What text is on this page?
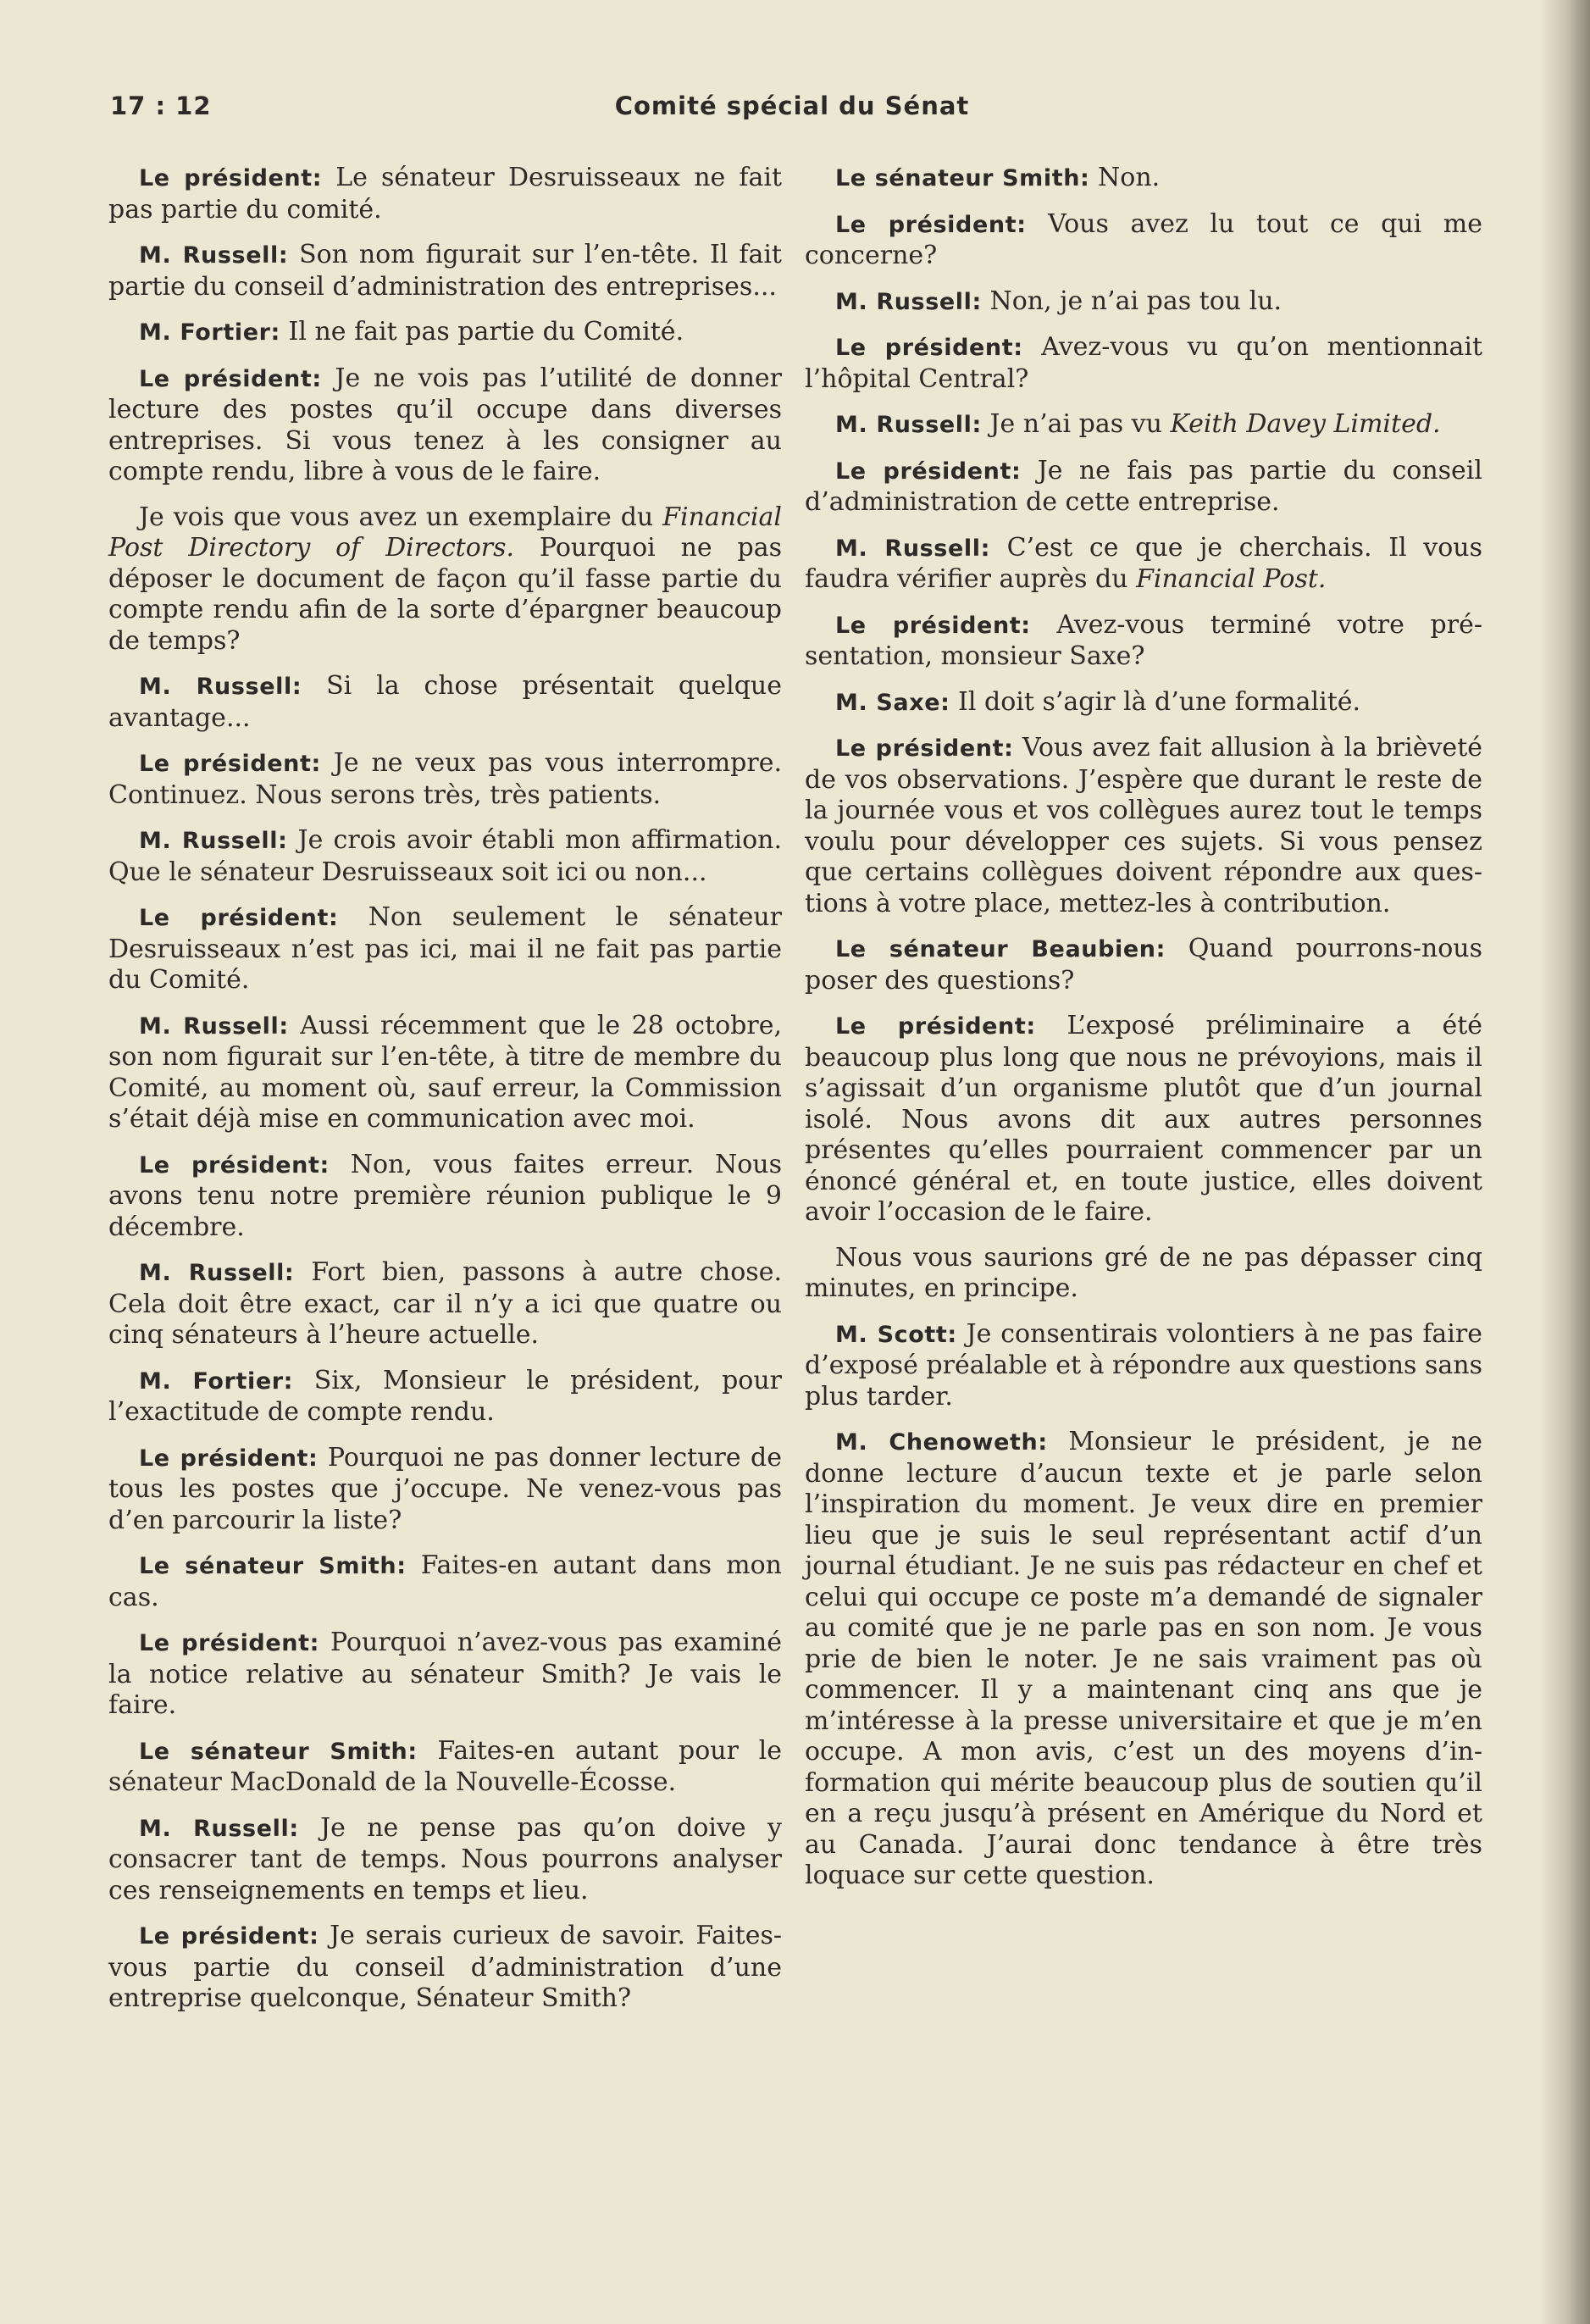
17 : 12	Comité spécial du Sénat

Le président: Le sénateur Desruisseaux ne fait pas partie du comité.

M. Russell: Son nom figurait sur l’en-tête. Il fait partie du conseil d’administration des entreprises...

M. Fortier: Il ne fait pas partie du Comité.

Le président: Je ne vois pas l’utilité de donner lecture des postes qu’il occupe dans diverses entreprises. Si vous tenez à les consigner au compte rendu, libre à vous de le faire.

Je vois que vous avez un exemplaire du Financial Post Directory of Directors. Pourquoi ne pas déposer le document de façon qu’il fasse partie du compte rendu afin de la sorte d’épargner beaucoup de temps?

M. Russell: Si la chose présentait quelque avantage...

Le président: Je ne veux pas vous interrompre. Continuez. Nous serons très, très patients.

M. Russell: Je crois avoir établi mon affirmation. Que le sénateur Desruisseaux soit ici ou non...

Le président: Non seulement le sénateur Desruisseaux n’est pas ici, mai il ne fait pas partie du Comité.

M. Russell: Aussi récemment que le 28 octobre, son nom figurait sur l’en-tête, à titre de membre du Comité, au moment où, sauf erreur, la Commission s’était déjà mise en communication avec moi.

Le président: Non, vous faites erreur. Nous avons tenu notre première réunion publique le 9 décembre.

M. Russell: Fort bien, passons à autre chose. Cela doit être exact, car il n’y a ici que quatre ou cinq sénateurs à l’heure actuelle.

M. Fortier: Six, Monsieur le président, pour l’exactitude de compte rendu.

Le président: Pourquoi ne pas donner lecture de tous les postes que j’occupe. Ne venez-vous pas d’en parcourir la liste?

Le sénateur Smith: Faites-en autant dans mon cas.

Le président: Pourquoi n’avez-vous pas examiné la notice relative au sénateur Smith? Je vais le faire.

Le sénateur Smith: Faites-en autant pour le sénateur MacDonald de la Nouvelle-Écosse.

M. Russell: Je ne pense pas qu’on doive y consacrer tant de temps. Nous pourrons analyser ces renseignements en temps et lieu.

Le président: Je serais curieux de savoir. Faites-vous partie du conseil d’administration d’une entreprise quelconque, Sénateur Smith?

Le sénateur Smith: Non.

Le président: Vous avez lu tout ce qui me concerne?

M. Russell: Non, je n’ai pas tou lu.

Le président: Avez-vous vu qu’on mentionnait l’hôpital Central?

M. Russell: Je n’ai pas vu Keith Davey Limited.

Le président: Je ne fais pas partie du conseil d’administration de cette entreprise.

M. Russell: C’est ce que je cherchais. Il vous faudra vérifier auprès du Financial Post.

Le président: Avez-vous terminé votre présentation, monsieur Saxe?

M. Saxe: Il doit s’agir là d’une formalité.

Le président: Vous avez fait allusion à la brièveté de vos observations. J’espère que durant le reste de la journée vous et vos collègues aurez tout le temps voulu pour développer ces sujets. Si vous pensez que certains collègues doivent répondre aux questions à votre place, mettez-les à contribution.

Le sénateur Beaubien: Quand pourrons-nous poser des questions?

Le président: L’exposé préliminaire a été beaucoup plus long que nous ne prévoyions, mais il s’agissait d’un organisme plutôt que d’un journal isolé. Nous avons dit aux autres personnes présentes qu’elles pourraient commencer par un énoncé général et, en toute justice, elles doivent avoir l’occasion de le faire.

Nous vous saurions gré de ne pas dépasser cinq minutes, en principe.

M. Scott: Je consentirais volontiers à ne pas faire d’exposé préalable et à répondre aux questions sans plus tarder.

M. Chenoweth: Monsieur le président, je ne donne lecture d’aucun texte et je parle selon l’inspiration du moment. Je veux dire en premier lieu que je suis le seul représentant actif d’un journal étudiant. Je ne suis pas rédacteur en chef et celui qui occupe ce poste m’a demandé de signaler au comité que je ne parle pas en son nom. Je vous prie de bien le noter. Je ne sais vraiment pas où commencer. Il y a maintenant cinq ans que je m’intéresse à la presse universitaire et que je m’en occupe. A mon avis, c’est un des moyens d’information qui mérite beaucoup plus de soutien qu’il en a reçu jusqu’à présent en Amérique du Nord et au Canada. J’aurai donc tendance à être très loquace sur cette question.
